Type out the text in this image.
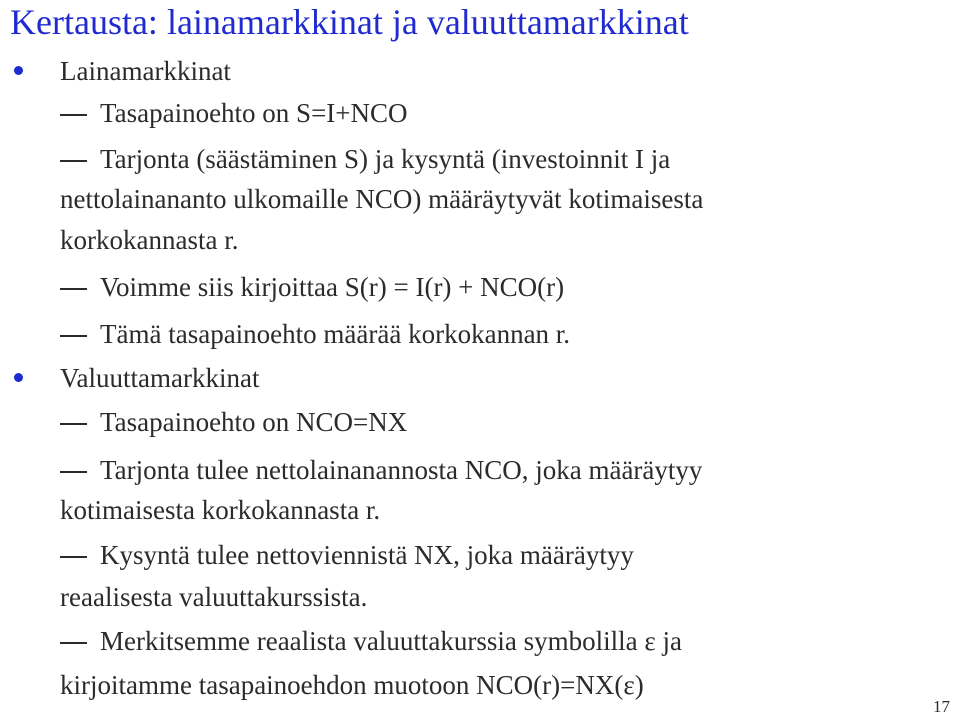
Kertausta: lainamarkkinat ja valuuttamarkkinat
Lainamarkkinat
Tasapainoehto on S=I+NCO
Tarjonta (säästäminen S) ja kysyntä (investoinnit I ja
nettolainananto ulkomaille NCO) määräytyvät kotimaisesta
korkokannasta r.
Voimme siis kirjoittaa S(r) = I(r) + NCO(r)
Tämä tasapainoehto määrää korkokannan r.
Valuuttamarkkinat
Tasapainoehto on NCO=NX
Tarjonta tulee nettolainanannosta NCO, joka määräytyy
kotimaisesta korkokannasta r.
Kysyntä tulee nettoviennistä NX, joka määräytyy
reaalisesta valuuttakurssista.
Merkitsemme reaalista valuuttakurssia symbolilla ε ja
kirjoitamme tasapainoehdon muotoon NCO(r)=NX(ε)
17
